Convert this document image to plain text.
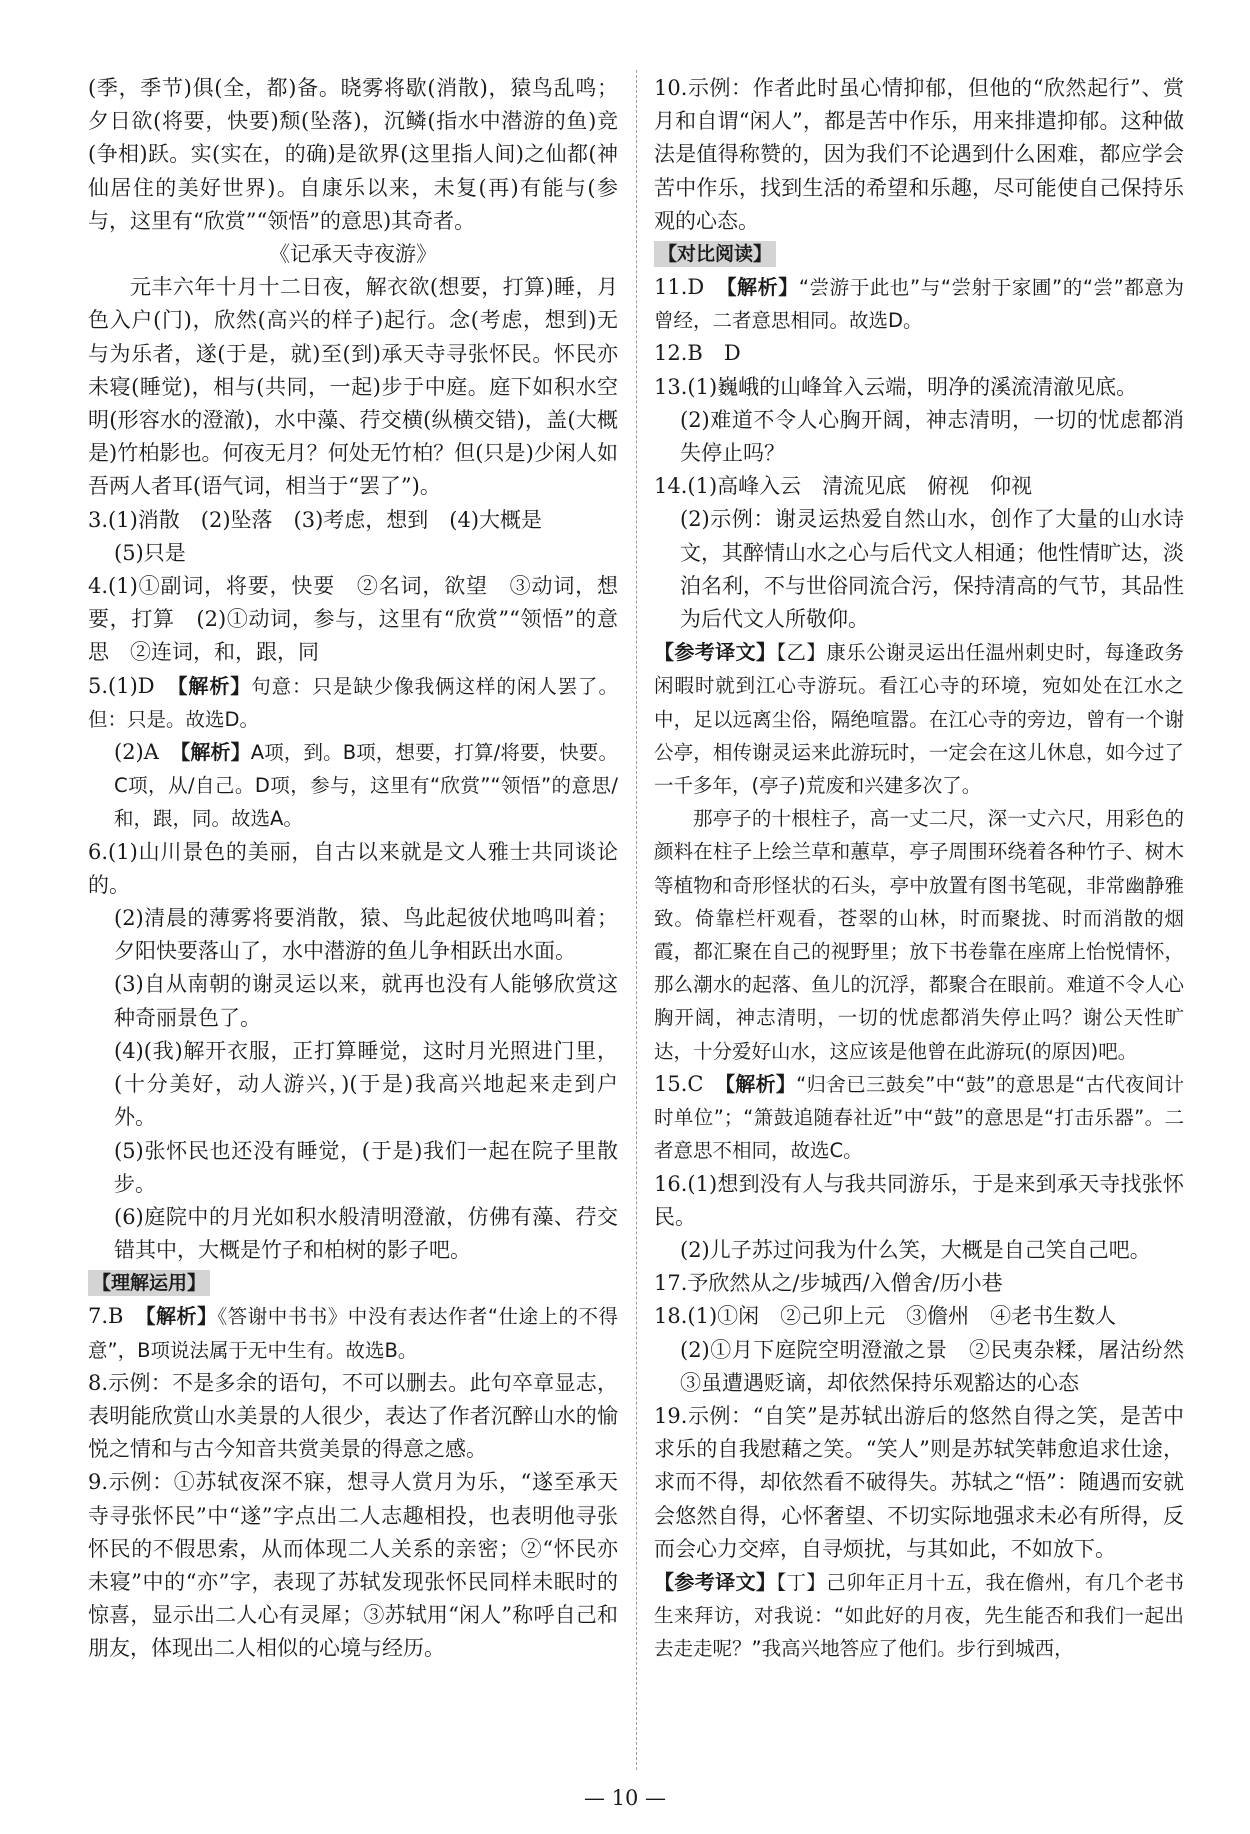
(季，季节)俱(全，都)备。晓雾将歇(消散)，猿鸟乱鸣；夕日欲(将要，快要)颓(坠落)，沉鳞(指水中潜游的鱼)竞(争相)跃。实(实在，的确)是欲界(这里指人间)之仙都(神仙居住的美好世界)。自康乐以来，未复(再)有能与(参与，这里有“欣赏”“领悟”的意思)其奇者。

《记承天寺夜游》

元丰六年十月十二日夜，解衣欲(想要，打算)睡，月色入户(门)，欣然(高兴的样子)起行。念(考虑，想到)无与为乐者，遂(于是，就)至(到)承天寺寻张怀民。怀民亦未寝(睡觉)，相与(共同，一起)步于中庭。庭下如积水空明(形容水的澄澈)，水中藻、荇交横(纵横交错)，盖(大概是)竹柏影也。何夜无月？何处无竹柏？但(只是)少闲人如吾两人者耳(语气词，相当于“罢了”)。

3.(1)消散　(2)坠落　(3)考虑，想到　(4)大概是

(5)只是

4.(1)①副词，将要，快要　②名词，欲望　③动词，想要，打算　(2)①动词，参与，这里有“欣赏”“领悟”的意思　②连词，和，跟，同

5.(1)D　【解析】句意：只是缺少像我俩这样的闲人罢了。但：只是。故选D。

(2)A　【解析】A项，到。B项，想要，打算/将要，快要。C项，从/自己。D项，参与，这里有“欣赏”“领悟”的意思/和，跟，同。故选A。

6.(1)山川景色的美丽，自古以来就是文人雅士共同谈论的。

(2)清晨的薄雾将要消散，猿、鸟此起彼伏地鸣叫着；夕阳快要落山了，水中潜游的鱼儿争相跃出水面。

(3)自从南朝的谢灵运以来，就再也没有人能够欣赏这种奇丽景色了。

(4)(我)解开衣服，正打算睡觉，这时月光照进门里，(十分美好，动人游兴，)(于是)我高兴地起来走到户外。

(5)张怀民也还没有睡觉，(于是)我们一起在院子里散步。

(6)庭院中的月光如积水般清明澄澈，仿佛有藻、荇交错其中，大概是竹子和柏树的影子吧。

【理解运用】

7.B　【解析】《答谢中书书》中没有表达作者“仕途上的不得意”，B项说法属于无中生有。故选B。

8.示例：不是多余的语句，不可以删去。此句卒章显志，表明能欣赏山水美景的人很少，表达了作者沉醉山水的愉悦之情和与古今知音共赏美景的得意之感。

9.示例：①苏轼夜深不寐，想寻人赏月为乐，“遂至承天寺寻张怀民”中“遂”字点出二人志趣相投，也表明他寻张怀民的不假思索，从而体现二人关系的亲密；②“怀民亦未寝”中的“亦”字，表现了苏轼发现张怀民同样未眠时的惊喜，显示出二人心有灵犀；③苏轼用“闲人”称呼自己和朋友，体现出二人相似的心境与经历。

10.示例：作者此时虽心情抑郁，但他的“欣然起行”、赏月和自谓“闲人”，都是苦中作乐，用来排遣抑郁。这种做法是值得称赞的，因为我们不论遇到什么困难，都应学会苦中作乐，找到生活的希望和乐趣，尽可能使自己保持乐观的心态。

【对比阅读】

11.D　【解析】“尝游于此也”与“尝射于家圃”的“尝”都意为曾经，二者意思相同。故选D。

12.B　D

13.(1)巍峨的山峰耸入云端，明净的溪流清澈见底。

(2)难道不令人心胸开阔，神志清明，一切的忧虑都消失停止吗？

14.(1)高峰入云　清流见底　俯视　仰视

(2)示例：谢灵运热爱自然山水，创作了大量的山水诗文，其醉情山水之心与后代文人相通；他性情旷达，淡泊名利，不与世俗同流合污，保持清高的气节，其品性为后代文人所敬仰。

【参考译文】【乙】康乐公谢灵运出任温州刺史时，每逢政务闲暇时就到江心寺游玩。看江心寺的环境，宛如处在江水之中，足以远离尘俗，隔绝喧嚣。在江心寺的旁边，曾有一个谢公亭，相传谢灵运来此游玩时，一定会在这儿休息，如今过了一千多年，(亭子)荒废和兴建多次了。

那亭子的十根柱子，高一丈二尺，深一丈六尺，用彩色的颜料在柱子上绘兰草和蕙草，亭子周围环绕着各种竹子、树木等植物和奇形怪状的石头，亭中放置有图书笔砚，非常幽静雅致。倚靠栏杆观看，苍翠的山林，时而聚拢、时而消散的烟霞，都汇聚在自己的视野里；放下书卷靠在座席上怡悦情怀，那么潮水的起落、鱼儿的沉浮，都聚合在眼前。难道不令人心胸开阔，神志清明，一切的忧虑都消失停止吗？谢公天性旷达，十分爱好山水，这应该是他曾在此游玩(的原因)吧。

15.C　【解析】“归舍已三鼓矣”中“鼓”的意思是“古代夜间计时单位”；“箫鼓追随春社近”中“鼓”的意思是“打击乐器”。二者意思不相同，故选C。

16.(1)想到没有人与我共同游乐，于是来到承天寺找张怀民。

(2)儿子苏过问我为什么笑，大概是自己笑自己吧。

17.予欣然从之/步城西/入僧舍/历小巷

18.(1)①闲　②己卯上元　③儋州　④老书生数人

(2)①月下庭院空明澄澈之景　②民夷杂糅，屠沽纷然　③虽遭遇贬谪，却依然保持乐观豁达的心态

19.示例：“自笑”是苏轼出游后的悠然自得之笑，是苦中求乐的自我慰藉之笑。“笑人”则是苏轼笑韩愈追求仕途，求而不得，却依然看不破得失。苏轼之“悟”：随遇而安就会悠然自得，心怀奢望、不切实际地强求未必有所得，反而会心力交瘁，自寻烦扰，与其如此，不如放下。

【参考译文】【丁】己卯年正月十五，我在儋州，有几个老书生来拜访，对我说：“如此好的月夜，先生能否和我们一起出去走走呢？”我高兴地答应了他们。步行到城西，

— 10 —
